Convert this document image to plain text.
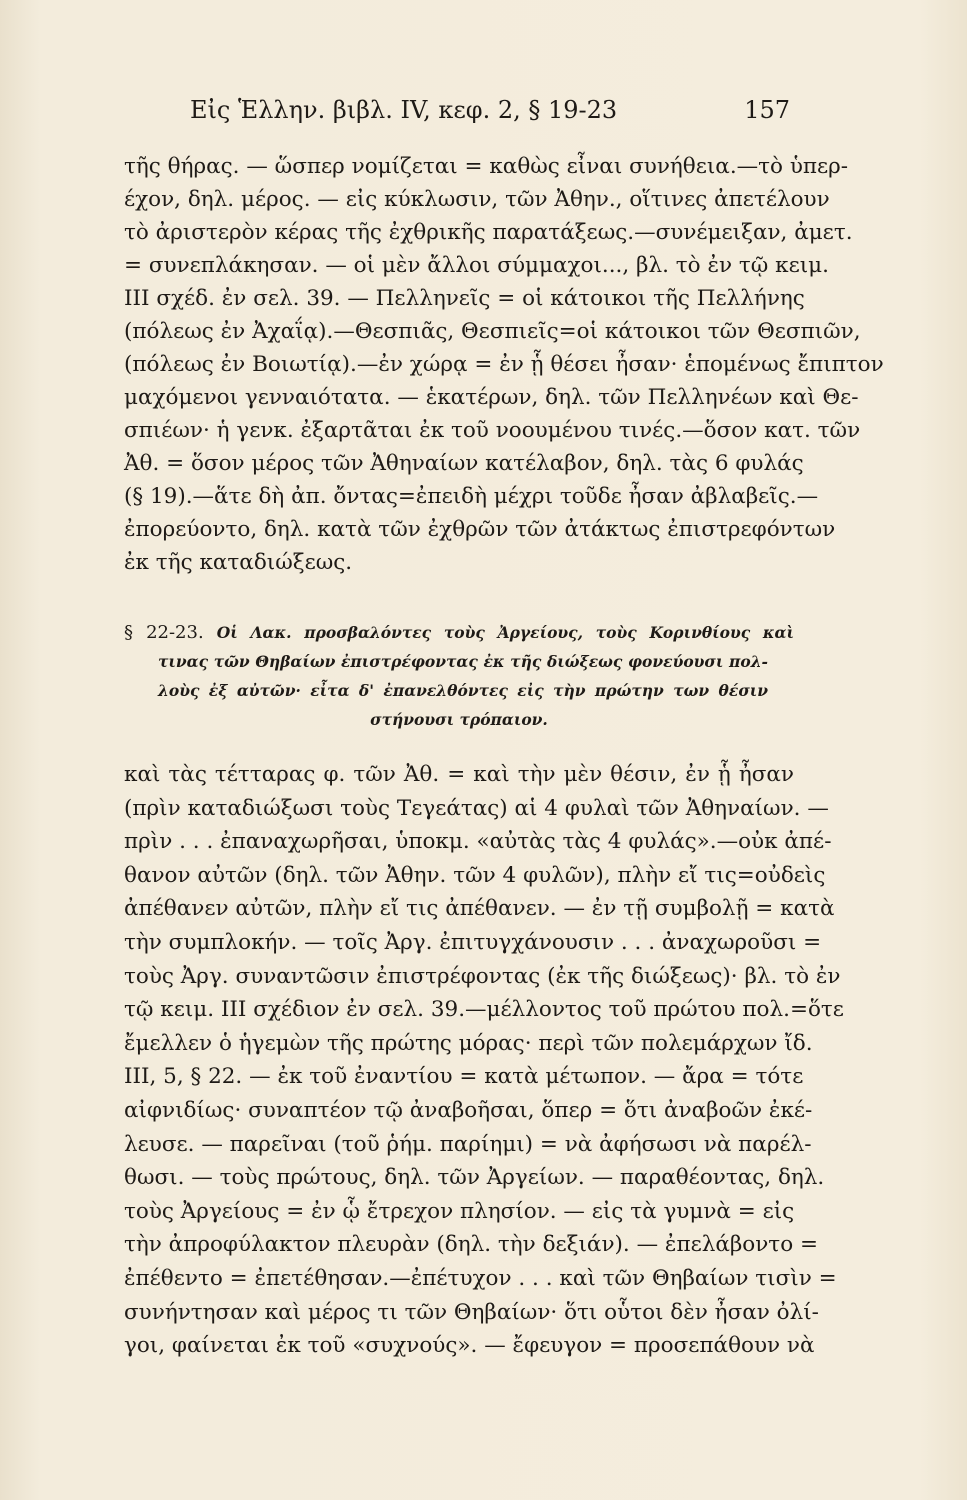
Εἰς Ἑλλην. βιβλ. IV, κεφ. 2, § 19-23	157
τῆς θήρας. — ὥσπερ νομίζεται = καθὼς εἶναι συνήθεια.—τὸ ὑπερ-
έχον, δηλ. μέρος. — εἰς κύκλωσιν, τῶν Ἀθην., οἵτινες ἀπετέλουν
τὸ ἀριστερὸν κέρας τῆς ἐχθρικῆς παρατάξεως.—συνέμειξαν, ἀμετ.
= συνεπλάκησαν. — οἱ μὲν ἄλλοι σύμμαχοι..., βλ. τὸ ἐν τῷ κειμ.
III σχέδ. ἐν σελ. 39. — Πελληνεῖς = οἱ κάτοικοι τῆς Πελλήνης
(πόλεως ἐν Ἀχαΐᾳ).—Θεσπιᾶς, Θεσπιεῖς=οἱ κάτοικοι τῶν Θεσπιῶν,
(πόλεως ἐν Βοιωτίᾳ).—ἐν χώρᾳ = ἐν ᾗ θέσει ἦσαν· ἑπομένως ἔπιπτον
μαχόμενοι γενναιότατα. — ἑκατέρων, δηλ. τῶν Πελληνέων καὶ Θε-
σπιέων· ἡ γενκ. ἐξαρτᾶται ἐκ τοῦ νοουμένου τινές.—ὅσον κατ. τῶν
Ἀθ. = ὅσον μέρος τῶν Ἀθηναίων κατέλαβον, δηλ. τὰς 6 φυλάς
(§ 19).—ἅτε δὴ ἀπ. ὄντας=ἐπειδὴ μέχρι τοῦδε ἦσαν ἀβλαβεῖς.—
ἐπορεύοντο, δηλ. κατὰ τῶν ἐχθρῶν τῶν ἀτάκτως ἐπιστρεφόντων
ἐκ τῆς καταδιώξεως.
§ 22-23. Οἱ Λακ. προσβαλόντες τοὺς Ἀργείους, τοὺς Κορινθίους καὶ
τινας τῶν Θηβαίων ἐπιστρέφοντας ἐκ τῆς διώξεως φονεύουσι πολ-
λοὺς ἐξ αὐτῶν· εἶτα δ' ἐπανελθόντες εἰς τὴν πρώτην των θέσιν
στήνουσι τρόπαιον.
καὶ τὰς τέτταρας φ. τῶν Ἀθ. = καὶ τὴν μὲν θέσιν, ἐν ᾗ ἦσαν
(πρὶν καταδιώξωσι τοὺς Τεγεάτας) αἱ 4 φυλαὶ τῶν Ἀθηναίων. —
πρὶν . . . ἐπαναχωρῆσαι, ὑποκμ. «αὐτὰς τὰς 4 φυλάς».—οὐκ ἀπέ-
θανον αὐτῶν (δηλ. τῶν Ἀθην. τῶν 4 φυλῶν), πλὴν εἴ τις=οὐδεὶς
ἀπέθανεν αὐτῶν, πλὴν εἴ τις ἀπέθανεν. — ἐν τῇ συμβολῇ = κατὰ
τὴν συμπλοκήν. — τοῖς Ἀργ. ἐπιτυγχάνουσιν . . . ἀναχωροῦσι =
τοὺς Ἀργ. συναντῶσιν ἐπιστρέφοντας (ἐκ τῆς διώξεως)· βλ. τὸ ἐν
τῷ κειμ. III σχέδιον ἐν σελ. 39.—μέλλοντος τοῦ πρώτου πολ.=ὅτε
ἔμελλεν ὁ ἡγεμὼν τῆς πρώτης μόρας· περὶ τῶν πολεμάρχων ἴδ.
III, 5, § 22. — ἐκ τοῦ ἐναντίου = κατὰ μέτωπον. — ἄρα = τότε
αἰφνιδίως· συναπτέον τῷ ἀναβοῆσαι, ὅπερ = ὅτι ἀναβοῶν ἐκέ-
λευσε. — παρεῖναι (τοῦ ῥήμ. παρίημι) = νὰ ἀφήσωσι νὰ παρέλ-
θωσι. — τοὺς πρώτους, δηλ. τῶν Ἀργείων. — παραθέοντας, δηλ.
τοὺς Ἀργείους = ἐν ᾧ ἔτρεχον πλησίον. — εἰς τὰ γυμνὰ = εἰς
τὴν ἀπροφύλακτον πλευρὰν (δηλ. τὴν δεξιάν). — ἐπελάβοντο =
ἐπέθεντο = ἐπετέθησαν.—ἐπέτυχον . . . καὶ τῶν Θηβαίων τισὶν =
συνήντησαν καὶ μέρος τι τῶν Θηβαίων· ὅτι οὗτοι δὲν ἦσαν ὀλί-
γοι, φαίνεται ἐκ τοῦ «συχνούς». — ἔφευγον = προσεπάθουν νὰ
